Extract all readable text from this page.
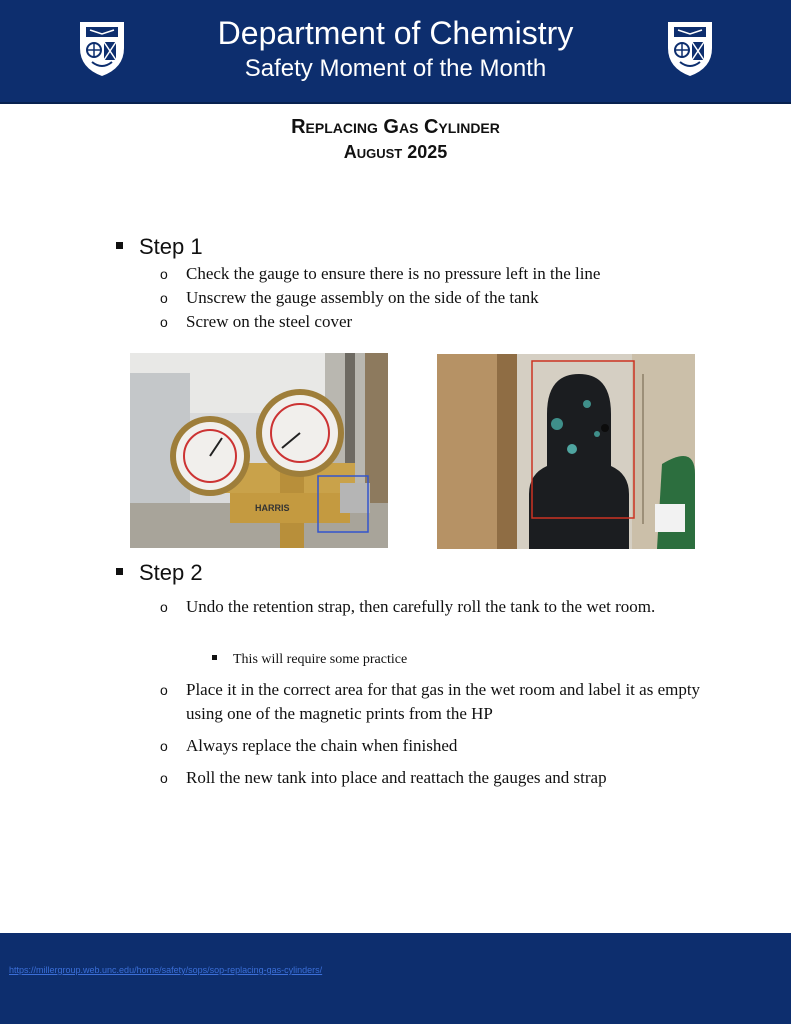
Department of Chemistry
Safety Moment of the Month
Replacing Gas Cylinder
August 2025
Step 1
o Check the gauge to ensure there is no pressure left in the line
o Unscrew the gauge assembly on the side of the tank
o Screw on the steel cover
HARRIS
Step 2
o Undo the retention strap, then carefully roll the tank to the wet room.
This will require some practice
o Place it in the correct area for that gas in the wet room and label it as empty using one of the magnetic prints from the HP
o Always replace the chain when finished
o Roll the new tank into place and reattach the gauges and strap
https://millergroup.web.unc.edu/home/safety/sops/sop-replacing-gas-cylinders/
